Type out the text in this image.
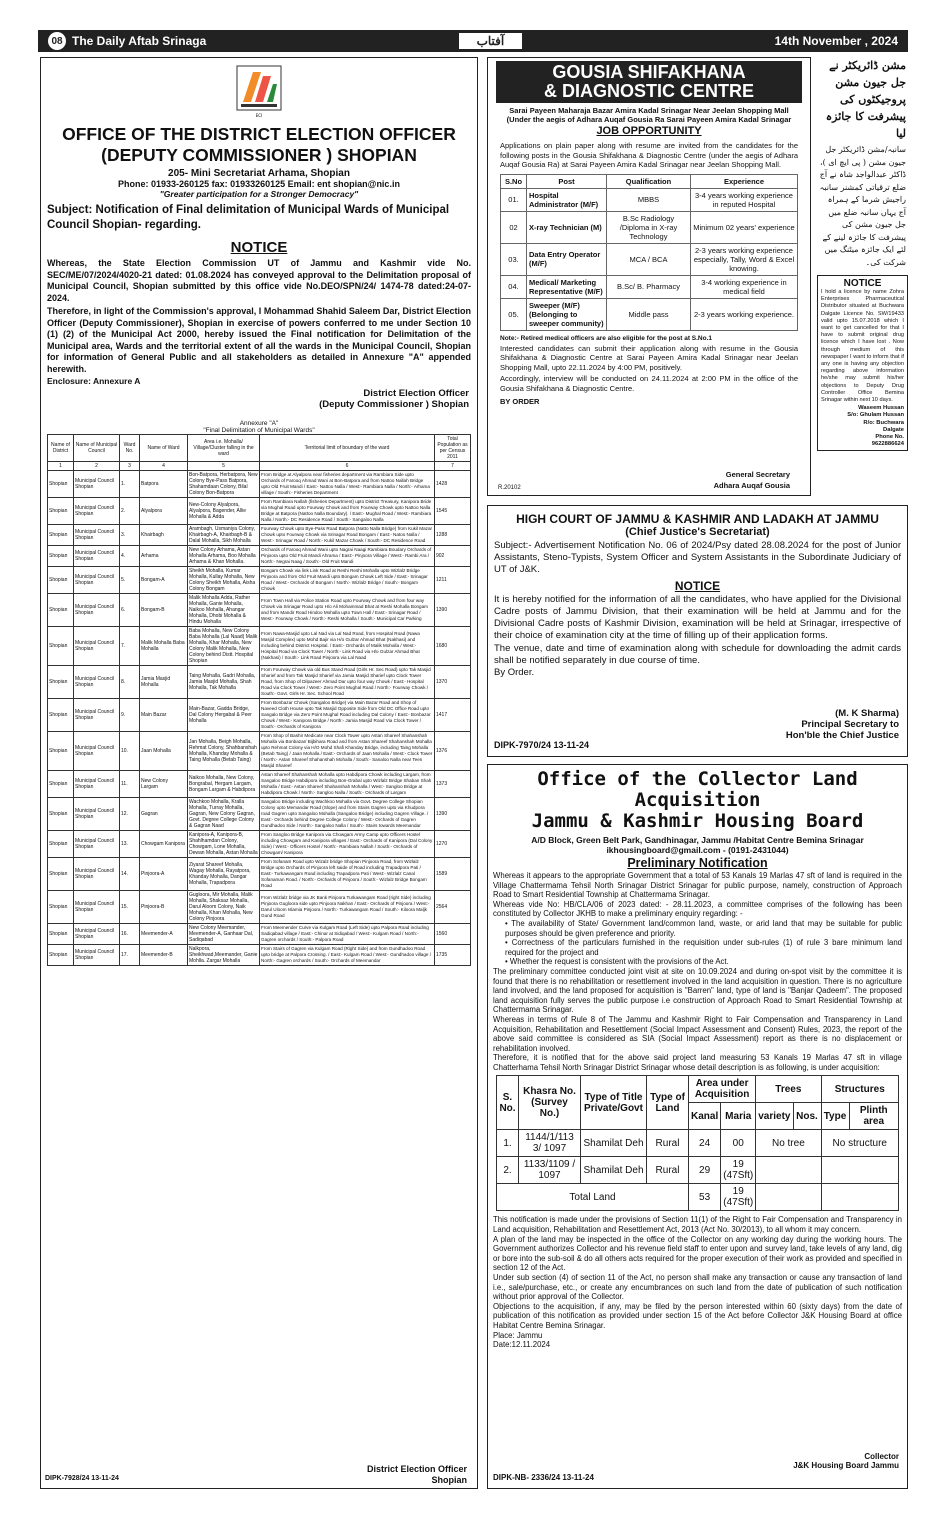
08 The Daily Aftab Srinaga	آفتاب	14th November , 2024
ECI
OFFICE OF THE DISTRICT ELECTION OFFICER (DEPUTY COMMISSIONER ) SHOPIAN
205- Mini Secretariat Arhama, Shopian
Phone: 01933-260125 fax: 01933260125 Email: ent shopian@nic.in
"Greater participation for a Stronger Democracy"
Subject: Notification of Final delimitation of Municipal Wards of Municipal Council Shopian- regarding.
NOTICE
Whereas, the State Election Commission UT of Jammu and Kashmir vide No. SEC/ME/07/2024/4020-21 dated: 01.08.2024 has conveyed approval to the Delimitation proposal of Municipal Council, Shopian submitted by this office vide No.DEO/SPN/24/ 1474-78 dated:24-07-2024.
Therefore, in light of the Commission's approval, I Mohammad Shahid Saleem Dar, District Election Officer (Deputy Commissioner), Shopian in exercise of powers conferred to me under Section 10 (1) (2) of the Municipal Act 2000, hereby issued the Final notification for Delimitation of the Municipal area, Wards and the territorial extent of all the wards in the Municipal Council, Shopian for information of General Public and all stakeholders as detailed in Annexure "A" appended herewith.
Enclosure: Annexure A
District Election Officer
(Deputy Commissioner ) Shopian
Annexure "A"
"Final Delimitation of Municipal Wards"
Name of District	Name of Municipal Council	Ward No.	Name of Ward	Area i.e. Mohalla/ Village/Cluster falling in the ward	Territorial limit of boundary of the ward	Total Population as per Census 2011
1	2	3	4	5	6	7
Shopian	Municipal Council Shopian	1.	Batpora	Bon-Batpora, Herbatpora, New Colony Bye-Pass Batpora, Shahamdaan Colony, Bilal Colony Bon-Batpora	From Bridge at Alyalpora near fisheries department via Rambiara Side upto Orchards of Farooq Ahmad Wani at Bon-Batpora and from Nattoo Nallah Bridge upto Old Fruit Mandi / East:- Nattoo Nalla / West:- Rambiara Nalla / North:- Arhama village / South:- Fisheries Department	1428
Shopian	Municipal Council Shopian	2.	Alyalpora	New-Colony Alyalpora, Alyalpora, Bagender, Allie Mohalla & Adda	From Rambiara Nallah (fisheries Department) upto District Treasury, Kanipora Bride via Mughal Road upto Fourway Chowk and from Fourway Chowk upto Nattoo Nalla Bridge at Batpora (Nattoo Nalla Boundary). / East:- Mughal Road / West:- Rambiara Nalla / North:- DC Residence Road / South:- Sangaloo Nalla	1545
Shopian	Municipal Council Shopian	3.	Khairbagh	Arambagh, Usmaniya Colony, Khairbagh-A, Khairbagh-B & Dalal Mohalla, Sikh Mohalla	Fourway Chowk upto Bye-Pass Road Batpora (Natto Nalla Bridge) from Kukil Mazar Chowk upto Fourway Chowk via Srinagar Road Bongam / East:- Natoo Nalla / West:- Srinagar Road / North:- Kukil Mazar Chowk / South:- DC Residence Road	1288
Shopian	Municipal Council Shopian	4.	Arhama	New Colony Arhama, Astan Mohalla Arhama, Boo Mohalla Arhama & Khan Mohalla.	Orchards of Farooq Ahmad Wani upto Nagrai Naagi Rambiara Boudary Orchards of Pinjoora upto Old Fruit Mandi Ahrama / East:- Pinjoora Village / West:- Rambi Ara / North:- Negrai Naag / South:- Old Fruit Mandi	902
Shopian	Municipal Council Shopian	5.	Bongam-A	Sheikh Mohalla, Kumar Mohalla, Kullay Mohalla, New Colony Sheikh Mohalla, Aisha Colony Bongam	Bongam Chowk via link Link Road at Reshi Reshi Mohalla upto Wizlalz Bridge Pinjoora and from Old Fruit Mandi upto Bongam Chowk Left Side / East:- Srinagar Road / West:- Orchards of Bongam / North:- Wizlalz Bridge / South:- Bongam Chowk	1211
Shopian	Municipal Council Shopian	6.	Bongam-B	Malik Mohalla Adda, Rather Mohalla, Ganie Mohalla, Naikoo Mohalla, Ahangar Mohalla, Dhobi Mohalla & Hindu Mohalla	From Town Hall via Police Station Road upto Fourway Chowk and from four way Chowk via Srinagar Road upto H/o Ali Mohammad Bhat at Reshi Mohalla Bongam and from Mandir Road Hindoo Mohalla upto Town Hall / East:- Srinagar Road / West:- Fourway Chowk / North:- Reshi Mohalla / South:- Municipal Car Parking	1390
Shopian	Municipal Council Shopian	7.	Malik Mohalla Baba Mohalla	Baba Mohalla, New Colony Baba Mohalla (Lal Naad) Malik Mohalla, Khar Mohalla, New Colony Malik Mohalla, New Colony behind Distt. Hospital Shopian	From Nawa-Masjid upto Lal Nad via Lal Nad Road, from Hospital Road (Nawa Masjid Complex) upto Mohd Bajir via H/o Gulzar Ahmad Bhat (Nakhasi) and including behind District Hospital. / East:- Orchards of Malik Mohalla / West:- Hospital Road via Clock Tower / North:- Link Road via H/o Gulzar Ahmad Bhat (Nakhasi) / South:- Link Road Pinjoora via Lal Naad	1680
Shopian	Municipal Council Shopian	8.	Jamia Masjid Mohalla	Taing Mohalla, Gadri Mohalla, Jamia Masjid Mohalla, Shah Mohalla, Tak Mohalla	From Fourway Chowk via old Bus Stand Road (Girls Hr. Sec Road) upto Tak Masjid Sharief and from Tak Masjid Sharief via Jamia Masjid Sharief upto Clock Tower Road, from Shop of Dilpazeer Ahmad Dar upto four way Chowk / East:- Hospital Road via Clock Tower / West:- Zero Point Mughal Road / North:- Fourway Chowk / South:- Govt. Girls Hr. Sec. School Road	1370
Shopian	Municipal Council Shopian	9.	Main Bazar	Main-Bazar, Gadda Bridge, Dal Colony Hergabal & Peer Mohalla	From Bonbazar Chowk (Sangaloo Bridge) via Main Bazar Road and Shop of Naveed Cloth House upto Tak Masjid Opposite Side from Old DC Office Road upto Sangalo Bridge via Zero Point Mughal Road including Dal Colony / East:- Bonbazar Chowk / West:- Kanipora Bridge / North:- Jamia Masjid Road Via Clock Tower / South:- Orchards of Kanipora	1417
Shopian	Municipal Council Shopian	10.	Jaan Mohalla	Jan Mohalla, Beigh Mohalla, Rehmat Colony, Shahbanshah Mohalla, Khanday Mohalla & Taing Mohalla (Betab Taing)	From Shop of Bashir Medicate near Clock Tower upto Astan Shareef Shahanshah Mohalla via Bonbazar/ Bijbihara Road and from Astan Shareef Shahanshah Mohalla upto Rehmat Colony via H/O Mohd Shafi Khanday Bridge, including Taing Mohalla (Betab Taing) / Jaan Mohalla / East:- Orchards of Jaan Mohalla / West:- Clock Tower / North:- Astan Shareef Shahanshah Mohalla / South:- Sanaloo Nalla near Teen Masjid Shareef	1376
Shopian	Municipal Council Shopian	11.	New Colony Largam	Naikoo Mohalla, New Colony, Bongrabal, Hergam Largam, Bongam Largam & Habdipora	Astan Shareef Shahanshah Mohalla upto Habdipora Chowk including Largam, from Sangaloo Bridge Habdipora including Bon-Grabal upto Wizlalz Bridge Shaban Shah Mohalla / East:- Astan Shareef Shahanshah Mohalla / West:- Sangloo Bridge at Habdipora Chowk / North:- Sangloo Nalla / South:- Orchards of Largam	1373
Shopian	Municipal Council Shopian	12.	Gagran	Wachkoo Mohalla, Kralla Mohalla, Turray Mohalla, Gagran, New Colony Gagran, Govt. Degree College Colony & Gagran Naad	Sangaloo Bridge including Wachkoo Mohalla via Govt. Degree College Shopian Colony upto Memandar Road (Slope) and from Stairs Gagren upto via Khudpora road Gagren upto Sangaloo Mohalla (Sangaloo Bridge) including Gagren Village. / East:- Orchards behind Degree College Colony / West:- Orchards of Gagren Gundhadoo Side / North:- Sangaloo Nalla / South:- Stairs towards Meemandar	1390
Shopian	Municipal Council Shopian	13.	Chowgam Kanipora	Kanipora-A, Kanipora-B, Shahlhamdan Colony, Chowgam, Lone Mohalla, Dewan Mohalla, Astan Mohalla	From Sangloo Bridge Kanipora via Chowgam Army Camp upto Officers Hostel including Chowgam and Kanipora villages / East:- Orchards of Kanipora (Dal Colony Side) / West:- Officers Hostel / North:- Rambiara Nallah / South:- Orchards of Chowgam/ Kanipora	1270
Shopian	Municipal Council Shopian	14.	Pinjoora-A	Ziyarat Shareef Mohalla, Wagay Mohalla, Rayatpora, Khanday Mohalla, Dangar Mohalla, Trapadpora	From Sofanam Road upto Wizalz bridge Shopian Pinjoora Road, from Wizlalz Bridge upto Orchards of Pinjoora left saide of Road including Trapadpora Pati / East:- Turkawangam Road including Trapadpora Pati / West:- Wizlalz Canal Sofanaman Road. / North:- Orchards of Pinjoora / South:- Wizlalz Bridge Bongam Road	1589
Shopian	Municipal Council Shopian	15.	Pinjoora-B	Gugloora, Mir Mohalla, Malik Mohalla, Shaksaz Mohalla, Darul Aloom Colony, Naik Mohalla, Khan Mohalla, New Colony Pinjoora	From Wizlalz bridge via JK Bank Pinjoora Turkawangam Road (right Side) including Pinjoora Gugloora side upto Pinjoora Nakhan / East:- Orchards of Pinjoora / West:- Darul Uloom Islamia Pinjoora / North:- Turkawangam Road / South:- Kiloora Maljk Gund Road	2564
Shopian	Municipal Council Shopian	16.	Meemender-A	New Colony Meemander, Meemender-A, Ganhaar Dal, Sadiqabad	From Meemender Curve via Kulgam Road (Left Side) upto Palpora Road including Sadiqabad village / East:- Chinar at Sidiqabad / West:- Kulgam Road / North:- Gagren orchards / South:- Palpora Road	1560
Shopian	Municipal Council Shopian	17.	Meemender-B	Nalkpora, Sheikhwad,Meemander, Ganie Mohlla. Zargar Mohalla	From Stairs of Gagren via Kulgam Road (Right Side) and from Gundhadoo Road upto bridge at Palpora Crossing. / East:- Kulgam Road / West:- Gundhadoo village / North:- Gagren orchards / South:- Orchards of Meemandar	1735
DIPK-7928/24 13-11-24
District Election Officer
Shopian
GOUSIA SHIFAKHANA
& DIAGNOSTIC CENTRE
Sarai Payeen Maharaja Bazar Amira Kadal Srinagar Near Jeelan Shopping Mall
(Under the aegis of Adhara Auqaf Gousia Ra Sarai Payeen Amira Kadal Srinagar
JOB OPPORTUNITY
Applications on plain paper along with resume are invited from the candidates for the following posts in the Gousia Shifakhana & Diagnostic Centre (under the aegis of Adhara Auqaf Gousia Ra) at Sarai Payeen Amira Kadal Srinagar near Jeelan Shopping Mall.
S.No	Post	Qualification	Experience
01.	Hospital Administrator (M/F)	MBBS	3-4 years working experience in reputed Hospital
02	X-ray Technician (M)	B.Sc Radiology /Diploma in X-ray Technology	Minimum 02 years' experience
03.	Data Entry Operator (M/F)	MCA / BCA	2-3 years working experience especially, Tally, Word & Excel knowing.
04.	Medical/ Marketing Representative (M/F)	B.Sc/ B. Pharmacy	3-4 working experience in medical field
05.	Sweeper (M/F) (Belonging to sweeper community)	Middle pass	2-3 years working experience.
Note:- Retired medical officers are also eligible for the post at S.No.1
Interested candidates can submit their application along with resume in the Gousia Shifakhana & Diagnostic Centre at Sarai Payeen Amira Kadal Srinagar near Jeelan Shopping Mall, upto 22.11.2024 by 4:00 PM, positively.
Accordingly, interview will be conducted on 24.11.2024 at 2:00 PM in the office of the Gousia Shifakhana & Diagnostic Centre.
BY ORDER
General Secretary
Adhara Auqaf Gousia
R.20102
مشن ڈائریکٹر نے جل جیون مشن پروجیکٹوں کی پیشرفت کا جائزہ لیا
سانبہ/مشن ڈائریکٹر جل جیون مشن ( پی ایچ ای )، ڈاکٹر عبدالواجد شاہ نے آج ضلع ترقیاتی کمشنر سانبہ راجیش شرما کے ہمراہ آج یہاں سانبہ ضلع میں جل جیون مشن کی پیشرفت کا جائزہ لینے کے لئے ایک جائزہ میٹنگ میں شرکت کی۔
NOTICE
I hold a licence by name Zohra Enterprises Pharmaceutical Distributor situated at Buchwara Dalgate Licence No. SW/19433 valid upto 15.07.2018 which I want to get cancelled for that I have to submit original drug licence which I have lost . Now through medium of this newspaper I want to inform that if any one is having any objection regarding above information he/she may submit his/her objections to Deputy Drug Controller Office Bemina Srinagar within next 10 days.
Waseem Hussan
S/o: Ghulam Hussan
R/o: Buchwara
Dalgate
Phone No.
9622886624
HIGH COURT OF JAMMU & KASHMIR AND LADAKH AT JAMMU
(Chief Justice's Secretariat)
Subject:- Advertisement Notification No. 06 of 2024/Psy dated 28.08.2024 for the post of Junior Assistants, Steno-Typists, System Officer and System Assistants in the Subordinate Judiciary of UT of J&K.
NOTICE
It is hereby notified for the information of all the candidates, who have applied for the Divisional Cadre posts of Jammu Division, that their examination will be held at Jammu and for the Divisional Cadre posts of Kashmir Division, examination will be held at Srinagar, irrespective of their choice of examination city at the time of filling up of their application forms.
The venue, date and time of examination along with schedule for downloading the admit cards shall be notified separately in due course of time.
By Order.
(M. K Sharma)
Principal Secretary to
Hon'ble the Chief Justice
DIPK-7970/24 13-11-24
Office of the Collector Land Acquisition
Jammu & Kashmir Housing Board
A/D Block, Green Belt Park, Gandhinagar, Jammu /Habitat Centre Bemina Srinagar
ikhousingboard@gmail.com - (0191-2431044)
Preliminary Notification
Whereas it appears to the appropriate Government that a total of 53 Kanals 19 Marlas 47 sft of land is required in the Village Chattermama Tehsil North Srinagar District Srinagar for public purpose, namely, construction of Approach Road to Smart Residential Township at Chattermama Srinagar.
Whereas vide No: HB/CLA/06 of 2023 dated: - 28.11.2023, a committee comprises of the following has been constituted by Collector JKHB to make a preliminary enquiry regarding: -
• The availability of State/ Government land/common land, waste, or arid land that may be suitable for public purposes should be given preference and priority.
• Correctness of the particulars furnished in the requisition under sub-rules (1) of rule 3 bare minimum land required for the project and
• Whether the request is consistent with the provisions of the Act.
The preliminary committee conducted joint visit at site on 10.09.2024 and during on-spot visit by the committee it is found that there is no rehabilitation or resettlement involved in the land acquisition in question. There is no agriculture land involved, and the land proposed for acquisition is "Barren" land, type of land is "Banjar Qadeem". The proposed land acquisition fully serves the public purpose i.e construction of Approach Road to Smart Residential Township at Chattermama Srinagar.
Whereas in terms of Rule 8 of The Jammu and Kashmir Right to Fair Compensation and Transparency in Land Acquisition, Rehabilitation and Resettlement (Social Impact Assessment and Consent) Rules, 2023, the report of the above said committee is considered as SIA (Social Impact Assessment) report as there is no displacement or rehabilitation involved.
Therefore, it is notified that for the above said project land measuring 53 Kanals 19 Marlas 47 sft in village Chatterhama Tehsil North Srinagar District Srinagar whose detail description is as following, is under acquisition:
S. No.	Khasra No. (Survey No.)	Type of Title Private/Govt	Type of Land	Area under Acquisition		Trees		Structures	
				Kanal	Maria	variety	Nos.	Type	Plinth area
1.	1144/1/113 3/ 1097	Shamilat Deh	Rural	24	00	No tree		No structure	
2.	1133/1109 / 1097	Shamilat Deh	Rural	29	19 (47Sft)				
Total Land				53	19 (47Sft)				
This notification is made under the provisions of Section 11(1) of the Right to Fair Compensation and Transparency in Land acquisition, Rehabilitation and Resettlement Act, 2013 (Act No. 30/2013), to all whom it may concern.
A plan of the land may be inspected in the office of the Collector on any working day during the working hours. The Government authorizes Collector and his revenue field staff to enter upon and survey land, take levels of any land, dig or bore into the sub-soil & do all others acts required for the proper execution of their work as provided and specified in section 12 of the Act.
Under sub section (4) of section 11 of the Act, no person shall make any transaction or cause any transaction of land i.e., sale/purchase, etc., or create any encumbrances on such land from the date of publication of such notification without prior approval of the Collector.
Objections to the acquisition, if any, may be filed by the person interested within 60 (sixty days) from the date of publication of this notification as provided under section 15 of the Act before Collector J&K Housing Board at office Habitat Centre Bemina Srinagar.
Place: Jammu
Date:12.11.2024
Collector
J&K Housing Board Jammu
DIPK-NB- 2336/24 13-11-24
